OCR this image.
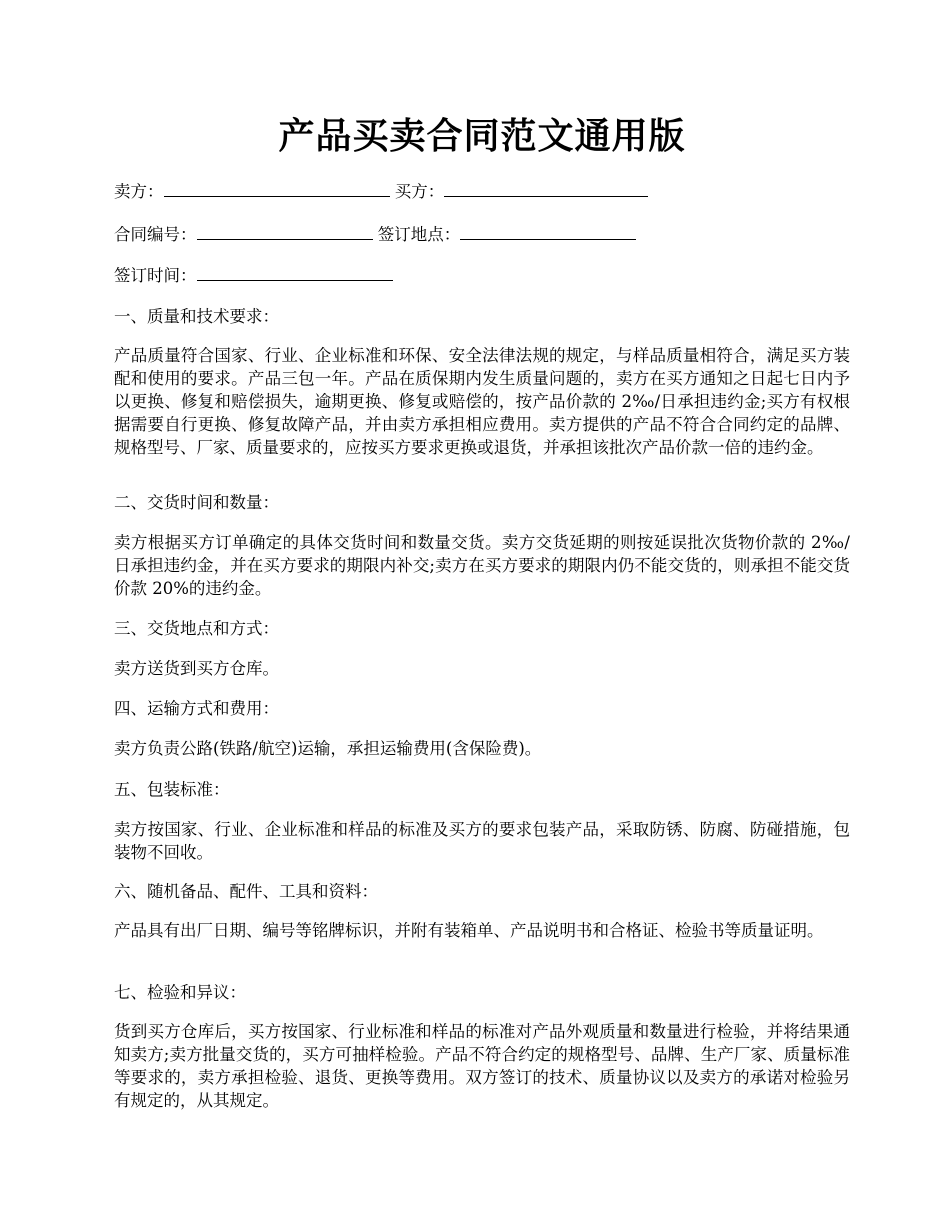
产品买卖合同范文通用版
卖方：	买方：
合同编号：	签订地点：
签订时间：
一、质量和技术要求：

产品质量符合国家、行业、企业标准和环保、安全法律法规的规定，与样品质量相符合，满足买方装配和使用的要求。产品三包一年。产品在质保期内发生质量问题的，卖方在买方通知之日起七日内予以更换、修复和赔偿损失，逾期更换、修复或赔偿的，按产品价款的 2‰/日承担违约金;买方有权根据需要自行更换、修复故障产品，并由卖方承担相应费用。卖方提供的产品不符合合同约定的品牌、规格型号、厂家、质量要求的，应按买方要求更换或退货，并承担该批次产品价款一倍的违约金。

二、交货时间和数量：

卖方根据买方订单确定的具体交货时间和数量交货。卖方交货延期的则按延误批次货物价款的 2‰/日承担违约金，并在买方要求的期限内补交;卖方在买方要求的期限内仍不能交货的，则承担不能交货价款 20%的违约金。

三、交货地点和方式：

卖方送货到买方仓库。

四、运输方式和费用：

卖方负责公路(铁路/航空)运输，承担运输费用(含保险费)。

五、包装标准：

卖方按国家、行业、企业标准和样品的标准及买方的要求包装产品，采取防锈、防腐、防碰措施，包装物不回收。

六、随机备品、配件、工具和资料：

产品具有出厂日期、编号等铭牌标识，并附有装箱单、产品说明书和合格证、检验书等质量证明。

七、检验和异议：

货到买方仓库后，买方按国家、行业标准和样品的标准对产品外观质量和数量进行检验，并将结果通知卖方;卖方批量交货的，买方可抽样检验。产品不符合约定的规格型号、品牌、生产厂家、质量标准等要求的，卖方承担检验、退货、更换等费用。双方签订的技术、质量协议以及卖方的承诺对检验另有规定的，从其规定。
